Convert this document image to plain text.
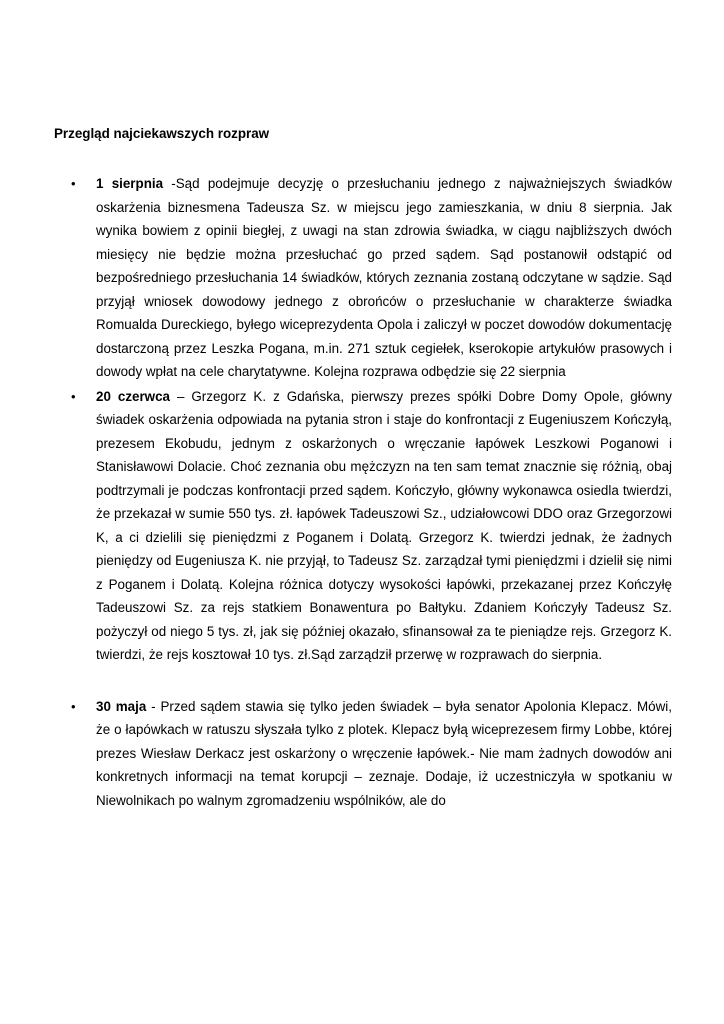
Przegląd najciekawszych rozpraw

• 1 sierpnia -Sąd podejmuje decyzję o przesłuchaniu jednego z najważniejszych świadków oskarżenia biznesmena Tadeusza Sz. w miejscu jego zamieszkania, w dniu 8 sierpnia. Jak wynika bowiem z opinii biegłej, z uwagi na stan zdrowia świadka, w ciągu najbliższych dwóch miesięcy nie będzie można przesłuchać go przed sądem. Sąd postanowił odstąpić od bezpośredniego przesłuchania 14 świadków, których zeznania zostaną odczytane w sądzie. Sąd przyjął wniosek dowodowy jednego z obrońców o przesłuchanie w charakterze świadka Romualda Dureckiego, byłego wiceprezydenta Opola i zaliczył w poczet dowodów dokumentację dostarczoną przez Leszka Pogana, m.in. 271 sztuk cegiełek, kserokopie artykułów prasowych i dowody wpłat na cele charytatywne. Kolejna rozprawa odbędzie się 22 sierpnia
• 20 czerwca – Grzegorz K. z Gdańska, pierwszy prezes spółki Dobre Domy Opole, główny świadek oskarżenia odpowiada na pytania stron i staje do konfrontacji z Eugeniuszem Kończyłą, prezesem Ekobudu, jednym z oskarżonych o wręczanie łapówek Leszkowi Poganowi i Stanisławowi Dolacie. Choć zeznania obu mężczyzn na ten sam temat znacznie się różnią, obaj podtrzymali je podczas konfrontacji przed sądem. Kończyło, główny wykonawca osiedla twierdzi, że przekazał w sumie 550 tys. zł. łapówek Tadeuszowi Sz., udziałowcowi DDO oraz Grzegorzowi K, a ci dzielili się pieniędzmi z Poganem i Dolatą. Grzegorz K. twierdzi jednak, że żadnych pieniędzy od Eugeniusza K. nie przyjął, to Tadeusz Sz. zarządzał tymi pieniędzmi i dzielił się nimi z Poganem i Dolatą. Kolejna różnica dotyczy wysokości łapówki, przekazanej przez Kończyłę Tadeuszowi Sz. za rejs statkiem Bonawentura po Bałtyku. Zdaniem Kończyły Tadeusz Sz. pożyczył od niego 5 tys. zł, jak się później okazało, sfinansował za te pieniądze rejs. Grzegorz K. twierdzi, że rejs kosztował 10 tys. zł.Sąd zarządził przerwę w rozprawach do sierpnia.
• 30 maja - Przed sądem stawia się tylko jeden świadek – była senator Apolonia Klepacz. Mówi, że o łapówkach w ratuszu słyszała tylko z plotek. Klepacz byłą wiceprezesem firmy Lobbe, której prezes Wiesław Derkacz jest oskarżony o wręczenie łapówek.- Nie mam żadnych dowodów ani konkretnych informacji na temat korupcji – zeznaje. Dodaje, iż uczestniczyła w spotkaniu w Niewolnikach po walnym zgromadzeniu wspólników, ale do
